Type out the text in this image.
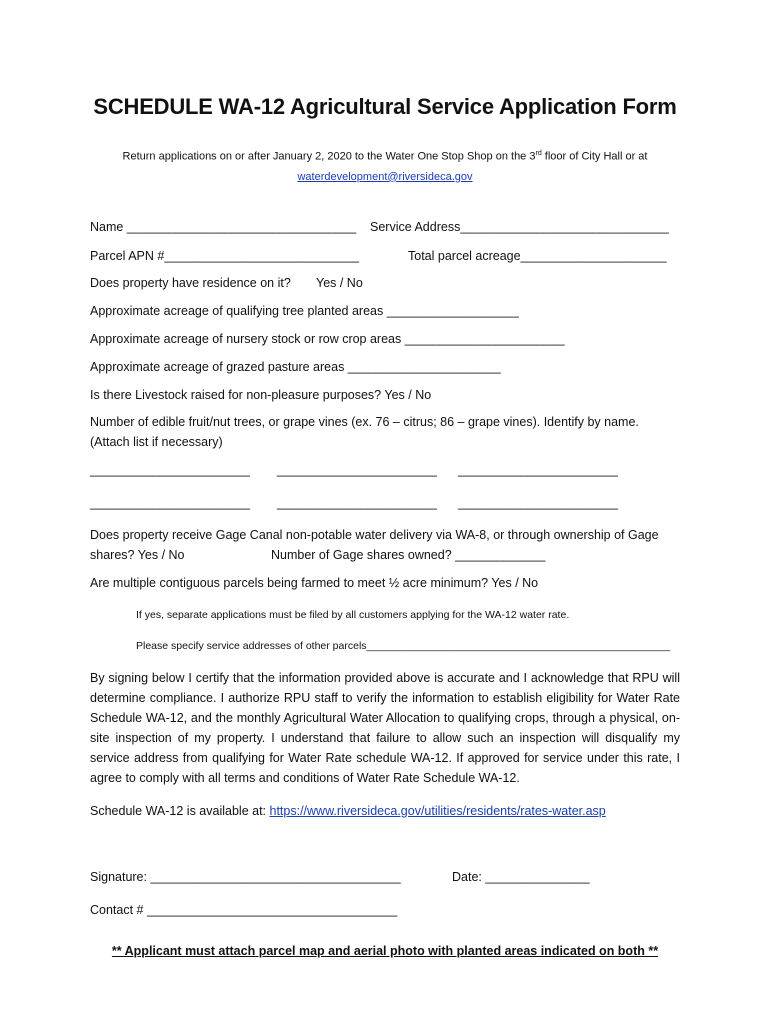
SCHEDULE WA-12 Agricultural Service Application Form
Return applications on or after January 2, 2020 to the Water One Stop Shop on the 3rd floor of City Hall or at
waterdevelopment@riversideca.gov
Name _________________________________ Service Address______________________________
Parcel APN #____________________________	Total parcel acreage_____________________
Does property have residence on it? Yes / No
Approximate acreage of qualifying tree planted areas ___________________
Approximate acreage of nursery stock or row crop areas _______________________
Approximate acreage of grazed pasture areas ______________________
Is there Livestock raised for non-pleasure purposes? Yes / No
Number of edible fruit/nut trees, or grape vines (ex. 76 – citrus; 86 – grape vines). Identify by name.
(Attach list if necessary)
_______________________ _______________________ _______________________
_______________________ _______________________ _______________________
Does property receive Gage Canal non-potable water delivery via WA-8, or through ownership of Gage
shares? Yes / No	Number of Gage shares owned? _____________
Are multiple contiguous parcels being farmed to meet ½ acre minimum? Yes / No
If yes, separate applications must be filed by all customers applying for the WA-12 water rate.
Please specify service addresses of other parcels____________________________________________________
By signing below I certify that the information provided above is accurate and I acknowledge that RPU will determine compliance. I authorize RPU staff to verify the information to establish eligibility for Water Rate Schedule WA-12, and the monthly Agricultural Water Allocation to qualifying crops, through a physical, on-site inspection of my property. I understand that failure to allow such an inspection will disqualify my service address from qualifying for Water Rate schedule WA-12. If approved for service under this rate, I agree to comply with all terms and conditions of Water Rate Schedule WA-12.
Schedule WA-12 is available at: https://www.riversideca.gov/utilities/residents/rates-water.asp
Signature: ____________________________________	Date: _______________
Contact # ____________________________________
** Applicant must attach parcel map and aerial photo with planted areas indicated on both **
